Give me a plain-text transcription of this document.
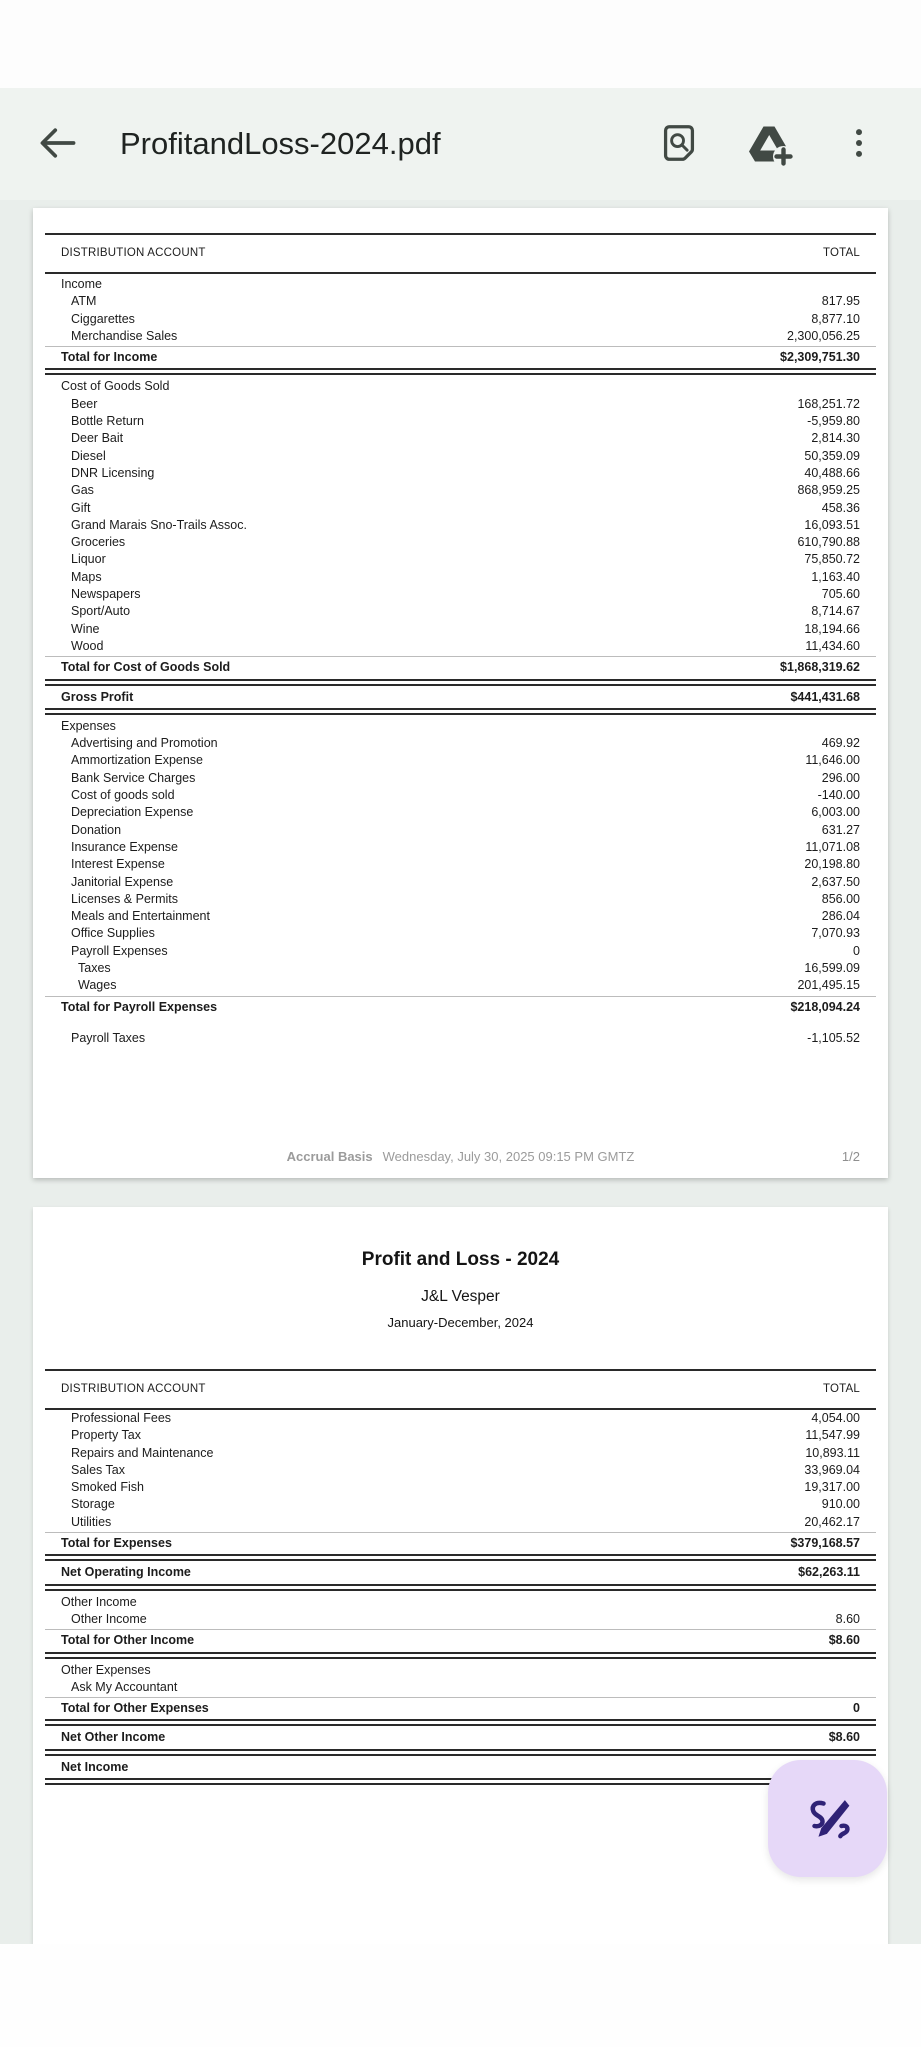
ProfitandLoss-2024.pdf
DISTRIBUTION ACCOUNT	TOTAL
Income
ATM	817.95
Ciggarettes	8,877.10
Merchandise Sales	2,300,056.25
Total for Income	$2,309,751.30
Cost of Goods Sold
Beer	168,251.72
Bottle Return	-5,959.80
Deer Bait	2,814.30
Diesel	50,359.09
DNR Licensing	40,488.66
Gas	868,959.25
Gift	458.36
Grand Marais Sno-Trails Assoc.	16,093.51
Groceries	610,790.88
Liquor	75,850.72
Maps	1,163.40
Newspapers	705.60
Sport/Auto	8,714.67
Wine	18,194.66
Wood	11,434.60
Total for Cost of Goods Sold	$1,868,319.62
Gross Profit	$441,431.68
Expenses
Advertising and Promotion	469.92
Ammortization Expense	11,646.00
Bank Service Charges	296.00
Cost of goods sold	-140.00
Depreciation Expense	6,003.00
Donation	631.27
Insurance Expense	11,071.08
Interest Expense	20,198.80
Janitorial Expense	2,637.50
Licenses & Permits	856.00
Meals and Entertainment	286.04
Office Supplies	7,070.93
Payroll Expenses	0
Taxes	16,599.09
Wages	201,495.15
Total for Payroll Expenses	$218,094.24
Payroll Taxes	-1,105.52
Accrual Basis Wednesday, July 30, 2025 09:15 PM GMTZ	1/2
Profit and Loss - 2024
J&L Vesper
January-December, 2024
DISTRIBUTION ACCOUNT	TOTAL
Professional Fees	4,054.00
Property Tax	11,547.99
Repairs and Maintenance	10,893.11
Sales Tax	33,969.04
Smoked Fish	19,317.00
Storage	910.00
Utilities	20,462.17
Total for Expenses	$379,168.57
Net Operating Income	$62,263.11
Other Income
Other Income	8.60
Total for Other Income	$8.60
Other Expenses
Ask My Accountant
Total for Other Expenses	0
Net Other Income	$8.60
Net Income
